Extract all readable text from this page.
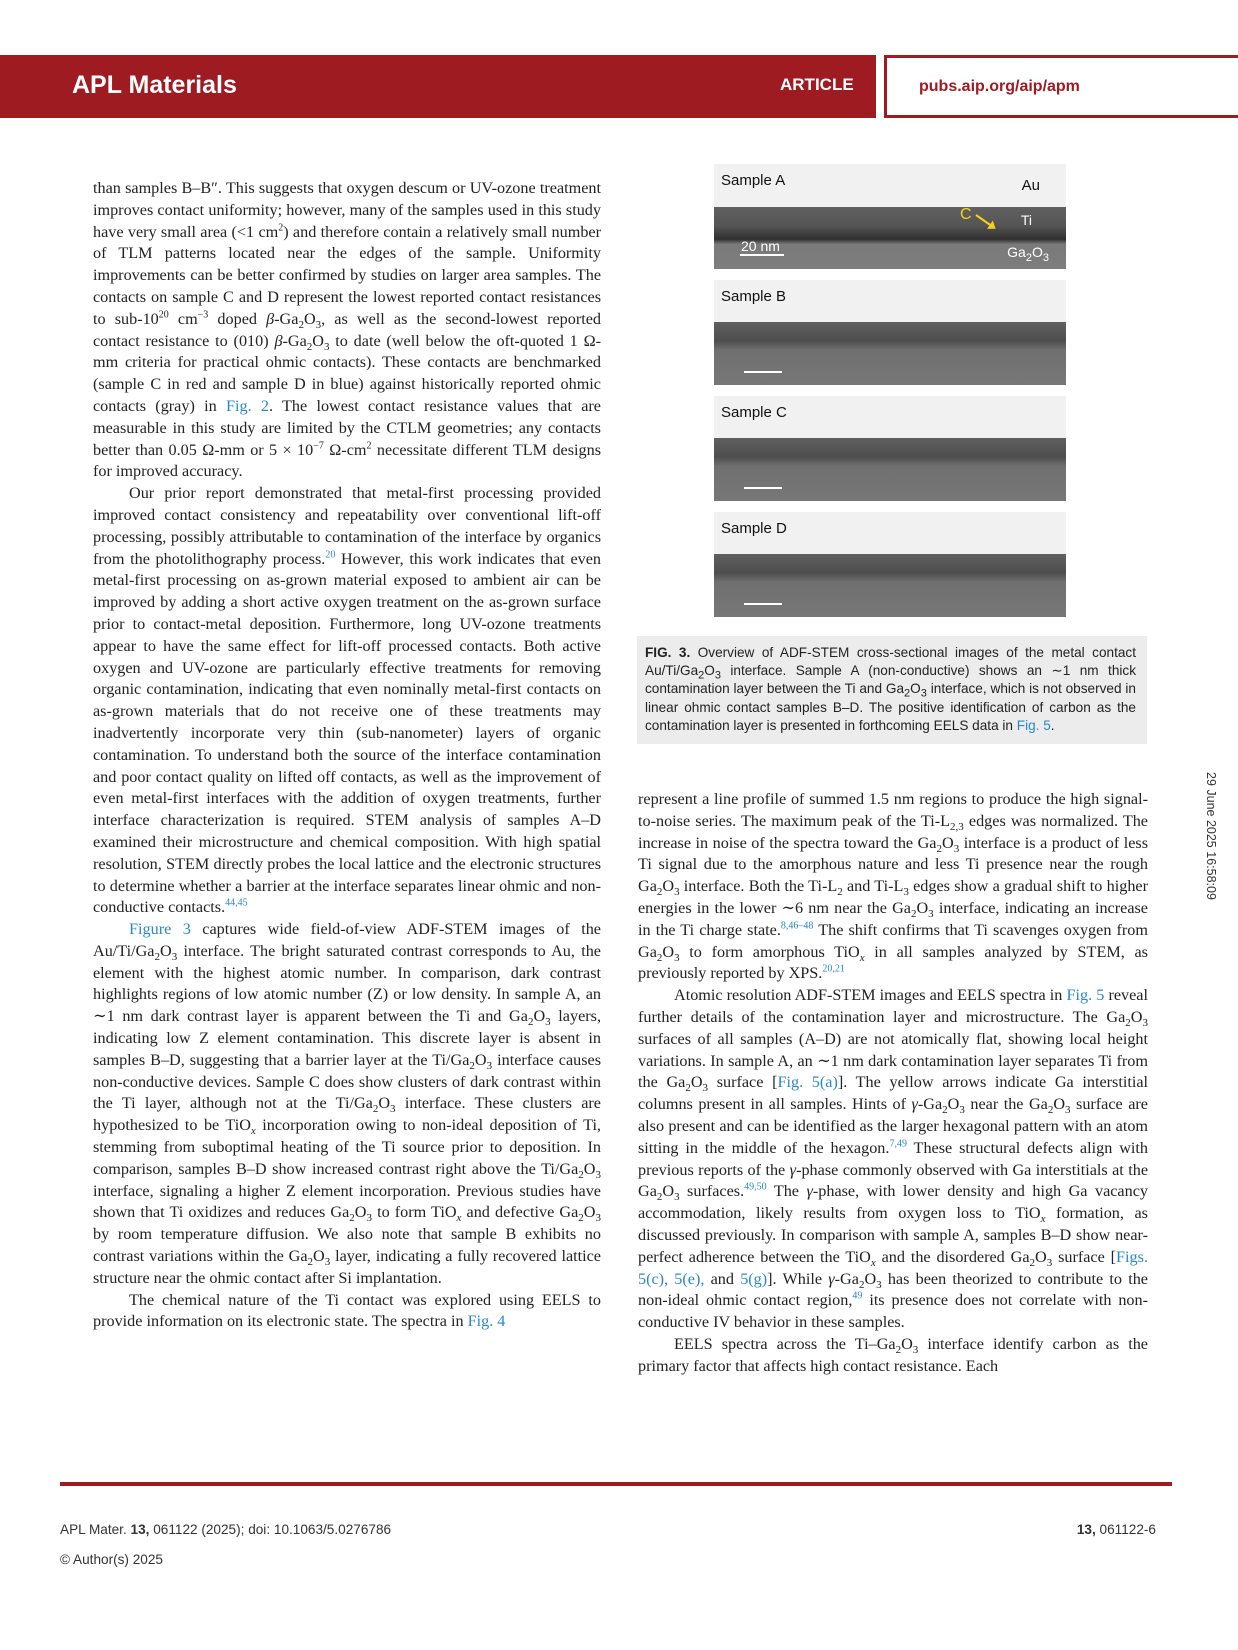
APL Materials	ARTICLE	pubs.aip.org/aip/apm

than samples B–B″. This suggests that oxygen descum or UV-ozone treatment improves contact uniformity; however, many of the samples used in this study have very small area (<1 $cm^2$) and therefore contain a relatively small number of TLM patterns located near the edges of the sample. Uniformity improvements can be better confirmed by studies on larger area samples. The contacts on sample C and D represent the lowest reported contact resistances to sub-$10^{20}$ $cm^{-3}$ doped $\beta-Ga_2O_3$, as well as the second-lowest reported contact resistance to (010) $\beta-Ga_2O_3$ to date (well below the oft-quoted 1 Ω-mm criteria for practical ohmic contacts). These contacts are benchmarked (sample C in red and sample D in blue) against historically reported ohmic contacts (gray) in Fig. 2. The lowest contact resistance values that are measurable in this study are limited by the CTLM geometries; any contacts better than 0.05 Ω-mm or $5 \times 10^{-7}$ $\Omega-cm^2$ necessitate different TLM designs for improved accuracy.

Our prior report demonstrated that metal-first processing provided improved contact consistency and repeatability over conventional lift-off processing, possibly attributable to contamination of the interface by organics from the photolithography process.$^{20}$ However, this work indicates that even metal-first processing on as-grown material exposed to ambient air can be improved by adding a short active oxygen treatment on the as-grown surface prior to contact-metal deposition. Furthermore, long UV-ozone treatments appear to have the same effect for lift-off processed contacts. Both active oxygen and UV-ozone are particularly effective treatments for removing organic contamination, indicating that even nominally metal-first contacts on as-grown materials that do not receive one of these treatments may inadvertently incorporate very thin (sub-nanometer) layers of organic contamination. To understand both the source of the interface contamination and poor contact quality on lifted off contacts, as well as the improvement of even metal-first interfaces with the addition of oxygen treatments, further interface characterization is required. STEM analysis of samples A–D examined their microstructure and chemical composition. With high spatial resolution, STEM directly probes the local lattice and the electronic structures to determine whether a barrier at the interface separates linear ohmic and non-conductive contacts.$^{44,45}$

Figure 3 captures wide field-of-view ADF-STEM images of the $Au/Ti/Ga_2O_3$ interface. The bright saturated contrast corresponds to Au, the element with the highest atomic number. In comparison, dark contrast highlights regions of low atomic number (Z) or low density. In sample A, an ∼1 nm dark contrast layer is apparent between the Ti and $Ga_2O_3$ layers, indicating low Z element contamination. This discrete layer is absent in samples B–D, suggesting that a barrier layer at the $Ti/Ga_2O_3$ interface causes non-conductive devices. Sample C does show clusters of dark contrast within the Ti layer, although not at the $Ti/Ga_2O_3$ interface. These clusters are hypothesized to be TiO$_x$ incorporation owing to non-ideal deposition of Ti, stemming from suboptimal heating of the Ti source prior to deposition. In comparison, samples B–D show increased contrast right above the $Ti/Ga_2O_3$ interface, signaling a higher Z element incorporation. Previous studies have shown that Ti oxidizes and reduces $Ga_2O_3$ to form TiO$_x$ and defective $Ga_2O_3$ by room temperature diffusion. We also note that sample B exhibits no contrast variations within the $Ga_2O_3$ layer, indicating a fully recovered lattice structure near the ohmic contact after Si implantation.

The chemical nature of the Ti contact was explored using EELS to provide information on its electronic state. The spectra in Fig. 4

Sample A	Au
C	Ti
20 nm	$Ga_2O_3$
Sample B
Sample C
Sample D
FIG. 3. Overview of ADF-STEM cross-sectional images of the metal contact $Au/Ti/Ga_2O_3$ interface. Sample A (non-conductive) shows an ∼1 nm thick contamination layer between the Ti and $Ga_2O_3$ interface, which is not observed in linear ohmic contact samples B–D. The positive identification of carbon as the contamination layer is presented in forthcoming EELS data in Fig. 5.

represent a line profile of summed 1.5 nm regions to produce the high signal-to-noise series. The maximum peak of the $Ti-L_{2,3}$ edges was normalized. The increase in noise of the spectra toward the $Ga_2O_3$ interface is a product of less Ti signal due to the amorphous nature and less Ti presence near the rough $Ga_2O_3$ interface. Both the $Ti-L_2$ and $Ti-L_3$ edges show a gradual shift to higher energies in the lower ∼6 nm near the $Ga_2O_3$ interface, indicating an increase in the Ti charge state.$^{8,46-48}$ The shift confirms that Ti scavenges oxygen from $Ga_2O_3$ to form amorphous TiO$_x$ in all samples analyzed by STEM, as previously reported by XPS.$^{20,21}$

Atomic resolution ADF-STEM images and EELS spectra in Fig. 5 reveal further details of the contamination layer and microstructure. The $Ga_2O_3$ surfaces of all samples (A–D) are not atomically flat, showing local height variations. In sample A, an ∼1 nm dark contamination layer separates Ti from the $Ga_2O_3$ surface [Fig. 5(a)]. The yellow arrows indicate Ga interstitial columns present in all samples. Hints of $\gamma-Ga_2O_3$ near the $Ga_2O_3$ surface are also present and can be identified as the larger hexagonal pattern with an atom sitting in the middle of the hexagon.$^{7,49}$ These structural defects align with previous reports of the γ-phase commonly observed with Ga interstitials at the $Ga_2O_3$ surfaces.$^{49,50}$ The γ-phase, with lower density and high Ga vacancy accommodation, likely results from oxygen loss to TiO$_x$ formation, as discussed previously. In comparison with sample A, samples B–D show near-perfect adherence between the TiO$_x$ and the disordered $Ga_2O_3$ surface [Figs. 5(c), 5(e), and 5(g)]. While $\gamma-Ga_2O_3$ has been theorized to contribute to the non-ideal ohmic contact region,$^{49}$ its presence does not correlate with non-conductive IV behavior in these samples.

EELS spectra across the $Ti-Ga_2O_3$ interface identify carbon as the primary factor that affects high contact resistance. Each

29 June 2025 16:58:09
APL Mater. 13, 061122 (2025); doi: 10.1063/5.0276786
© Author(s) 2025
13, 061122-6
